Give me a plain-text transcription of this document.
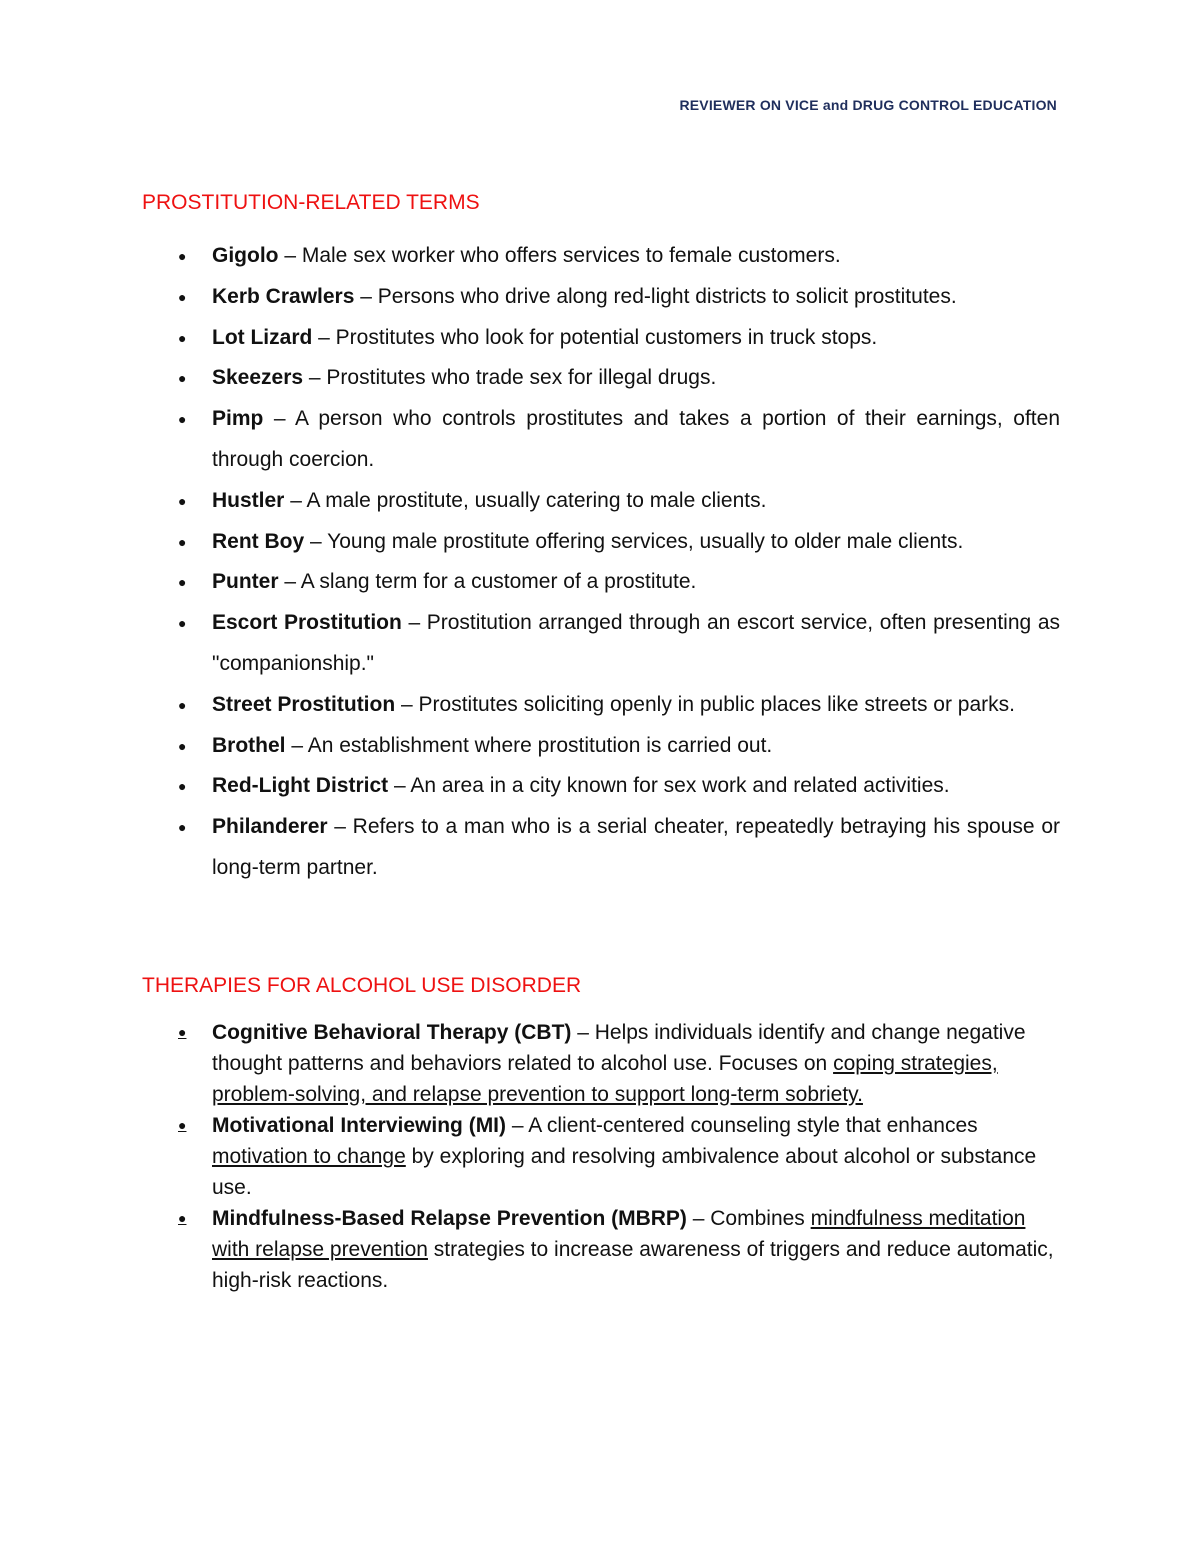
REVIEWER ON VICE and DRUG CONTROL EDUCATION
PROSTITUTION-RELATED TERMS
● Gigolo – Male sex worker who offers services to female customers.
● Kerb Crawlers – Persons who drive along red-light districts to solicit prostitutes.
● Lot Lizard – Prostitutes who look for potential customers in truck stops.
● Skeezers – Prostitutes who trade sex for illegal drugs.
● Pimp – A person who controls prostitutes and takes a portion of their earnings, often through coercion.
● Hustler – A male prostitute, usually catering to male clients.
● Rent Boy – Young male prostitute offering services, usually to older male clients.
● Punter – A slang term for a customer of a prostitute.
● Escort Prostitution – Prostitution arranged through an escort service, often presenting as "companionship."
● Street Prostitution – Prostitutes soliciting openly in public places like streets or parks.
● Brothel – An establishment where prostitution is carried out.
● Red-Light District – An area in a city known for sex work and related activities.
● Philanderer – Refers to a man who is a serial cheater, repeatedly betraying his spouse or long-term partner.
THERAPIES FOR ALCOHOL USE DISORDER
● Cognitive Behavioral Therapy (CBT) – Helps individuals identify and change negative thought patterns and behaviors related to alcohol use. Focuses on coping strategies, problem-solving, and relapse prevention to support long-term sobriety.
● Motivational Interviewing (MI) – A client-centered counseling style that enhances motivation to change by exploring and resolving ambivalence about alcohol or substance use.
● Mindfulness-Based Relapse Prevention (MBRP) – Combines mindfulness meditation with relapse prevention strategies to increase awareness of triggers and reduce automatic, high-risk reactions.
